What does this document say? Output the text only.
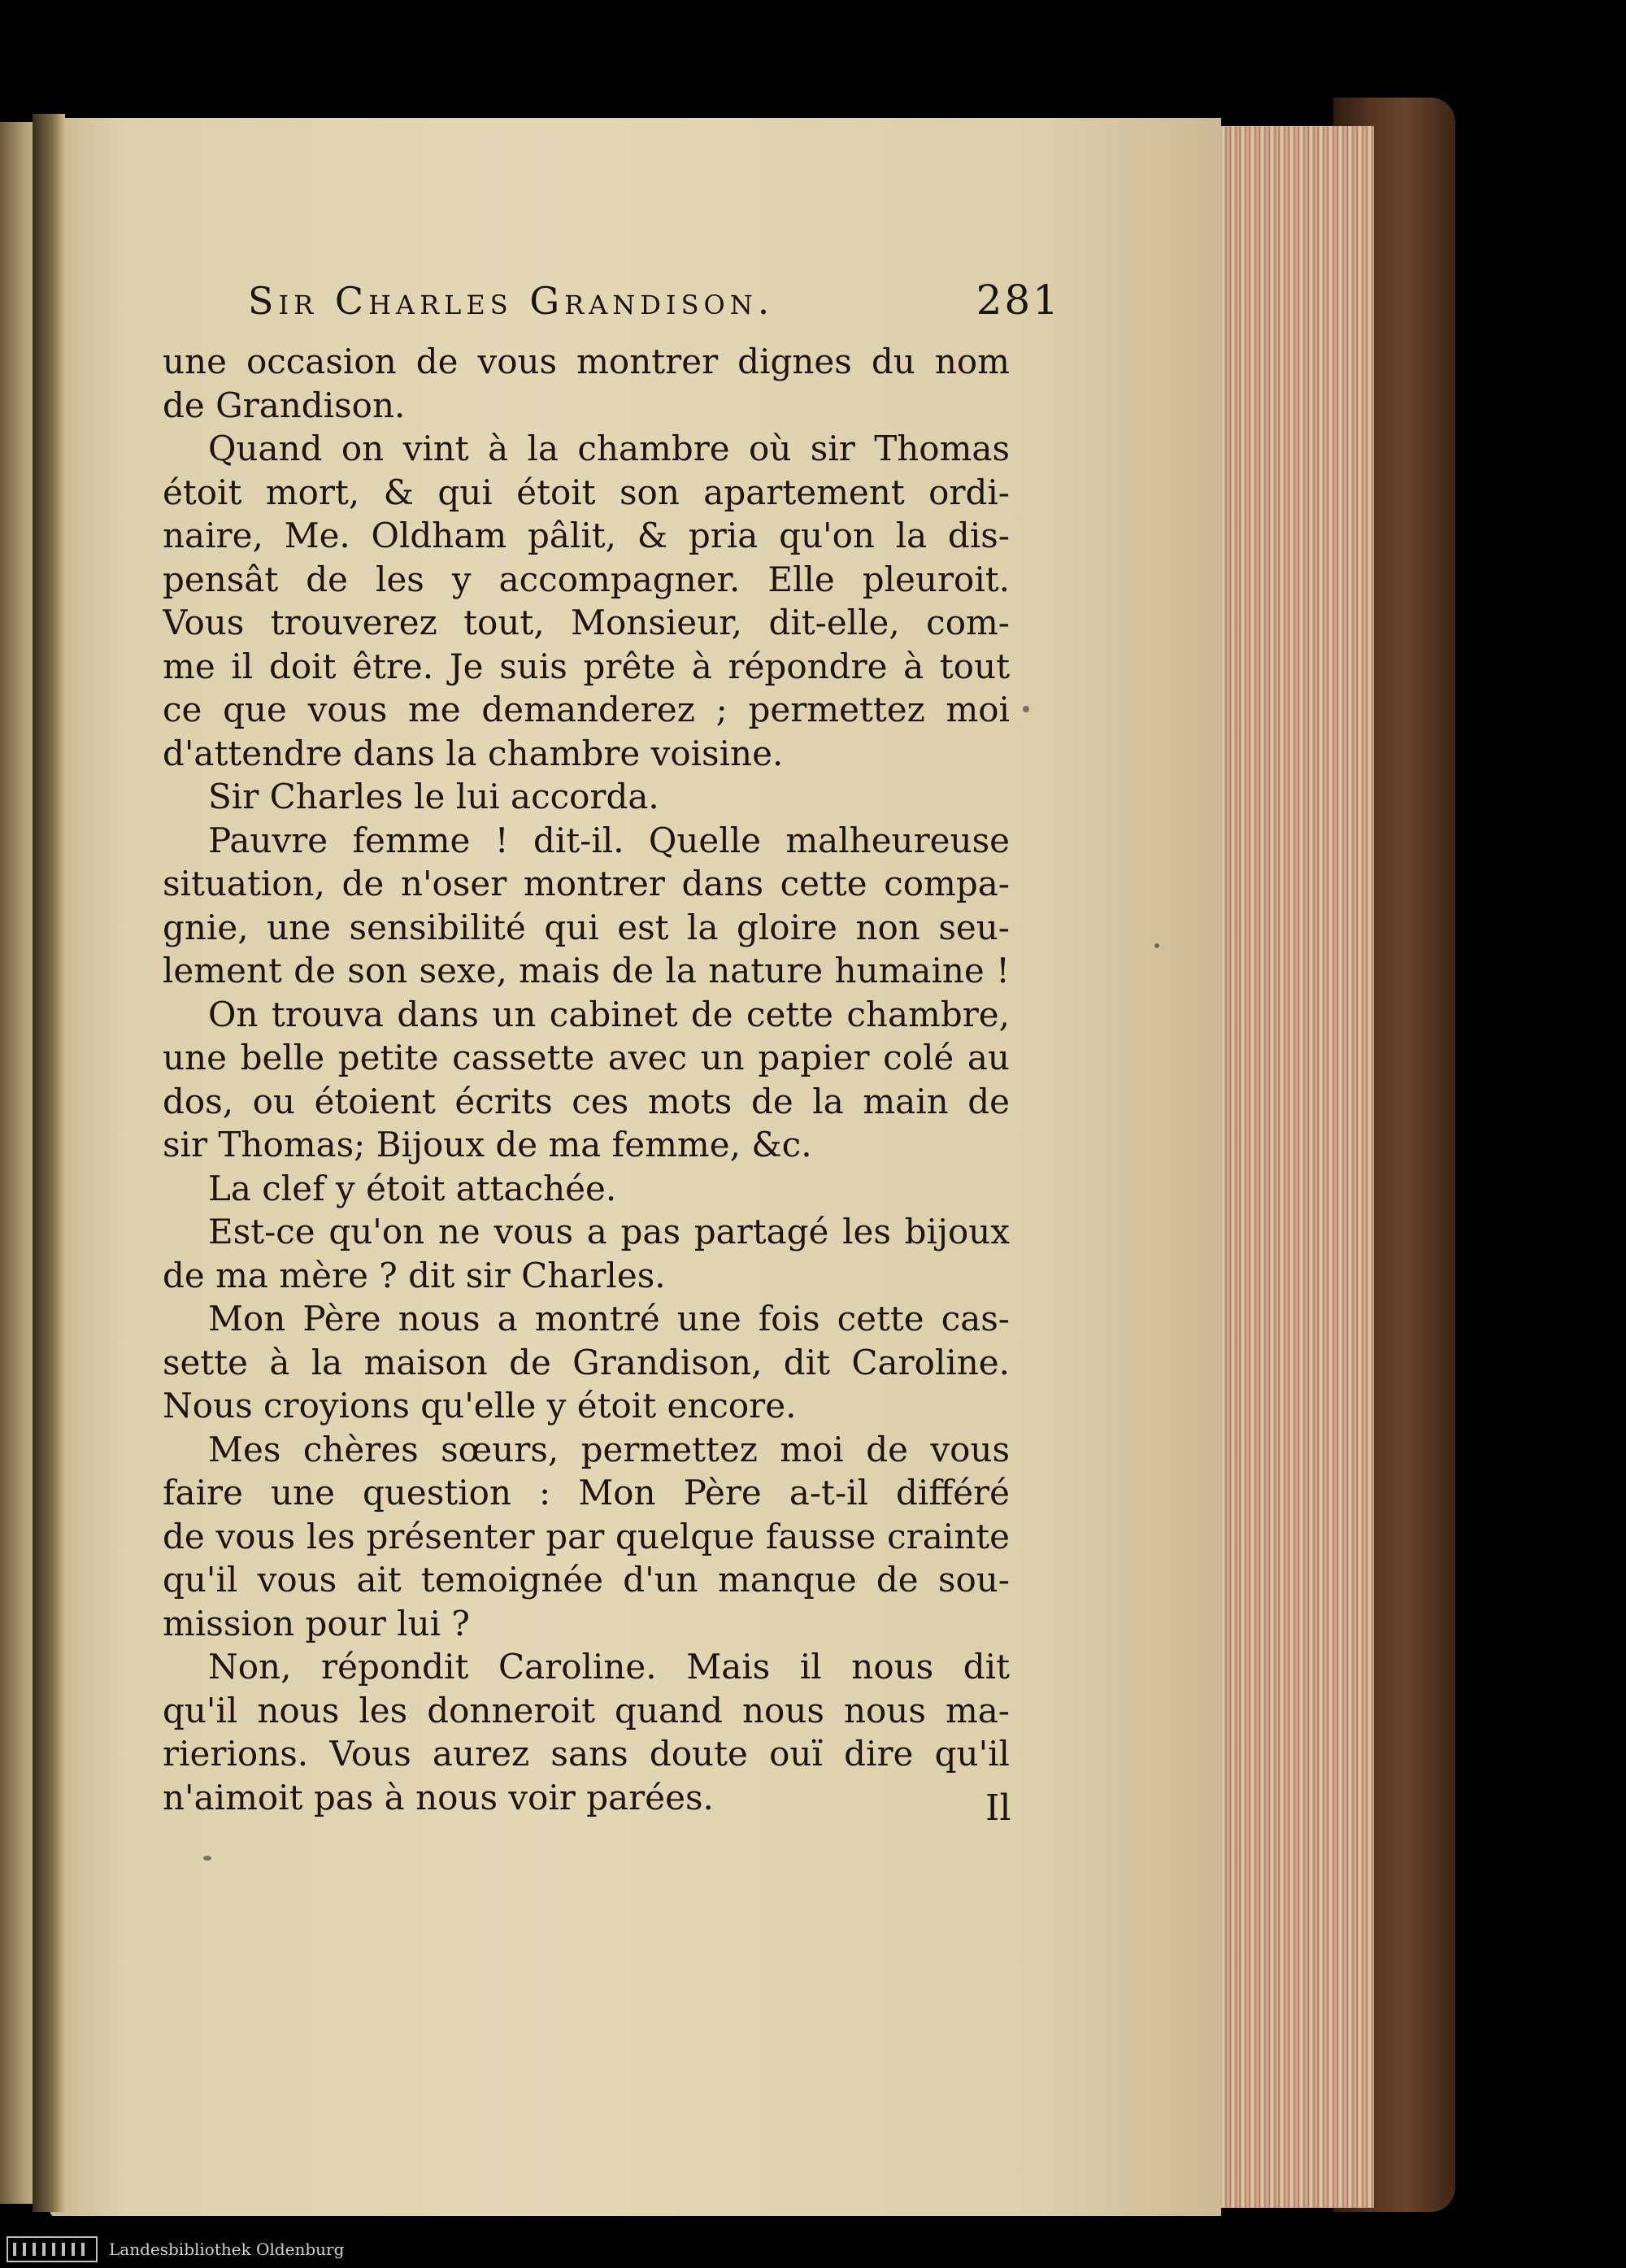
Sir Charles Grandison.	281
une occasion de vous montrer dignes du nom
de Grandison.
Quand on vint à la chambre où sir Thomas
étoit mort, & qui étoit son apartement ordi-
naire, Me. Oldham pâlit, & pria qu'on la dis-
pensât de les y accompagner. Elle pleuroit.
Vous trouverez tout, Monsieur, dit-elle, com-
me il doit être. Je suis prête à répondre à tout
ce que vous me demanderez ; permettez moi
d'attendre dans la chambre voisine.
Sir Charles le lui accorda.
Pauvre femme ! dit-il. Quelle malheureuse
situation, de n'oser montrer dans cette compa-
gnie, une sensibilité qui est la gloire non seu-
lement de son sexe, mais de la nature humaine !
On trouva dans un cabinet de cette chambre,
une belle petite cassette avec un papier colé au
dos, ou étoient écrits ces mots de la main de
sir Thomas; Bijoux de ma femme, &c.
La clef y étoit attachée.
Est-ce qu'on ne vous a pas partagé les bijoux
de ma mère ? dit sir Charles.
Mon Père nous a montré une fois cette cas-
sette à la maison de Grandison, dit Caroline.
Nous croyions qu'elle y étoit encore.
Mes chères sœurs, permettez moi de vous
faire une question : Mon Père a-t-il différé
de vous les présenter par quelque fausse crainte
qu'il vous ait temoignée d'un manque de sou-
mission pour lui ?
Non, répondit Caroline. Mais il nous dit
qu'il nous les donneroit quand nous nous ma-
rierions. Vous aurez sans doute ouï dire qu'il
n'aimoit pas à nous voir parées.	Il
Landesbibliothek Oldenburg
